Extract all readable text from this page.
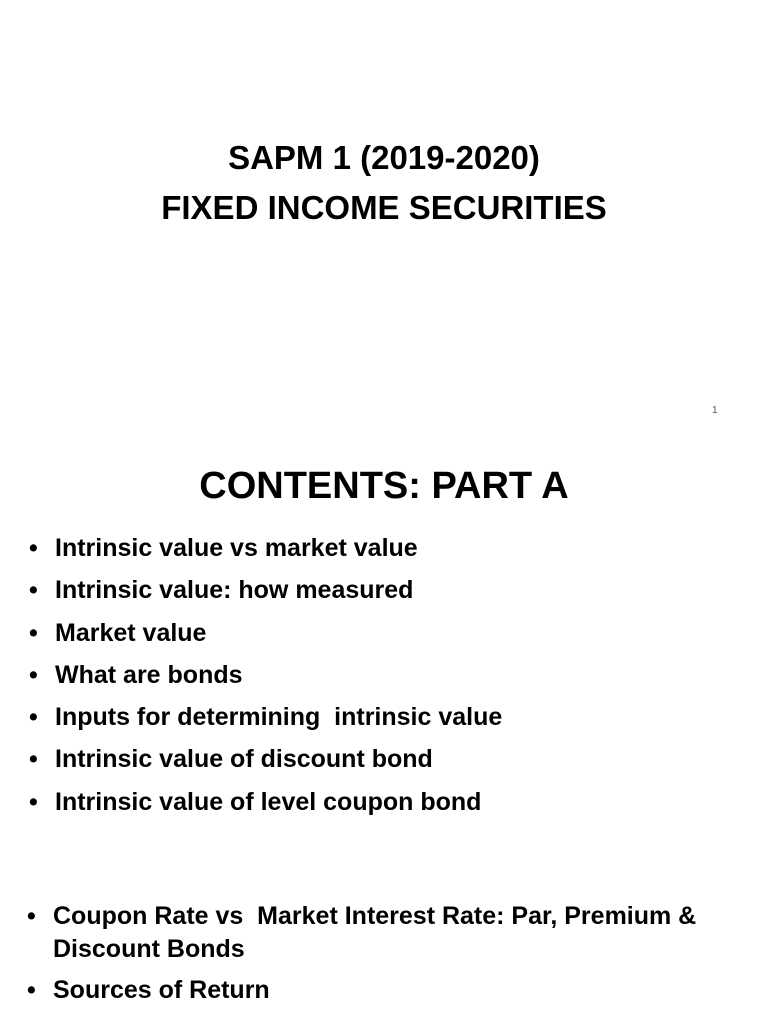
SAPM 1 (2019-2020)
FIXED INCOME SECURITIES
1
CONTENTS: PART A
• Intrinsic value vs market value
• Intrinsic value: how measured
• Market value
• What are bonds
• Inputs for determining  intrinsic value
• Intrinsic value of discount bond
• Intrinsic value of level coupon bond
• Coupon Rate vs  Market Interest Rate: Par, Premium & Discount Bonds
• Sources of Return
